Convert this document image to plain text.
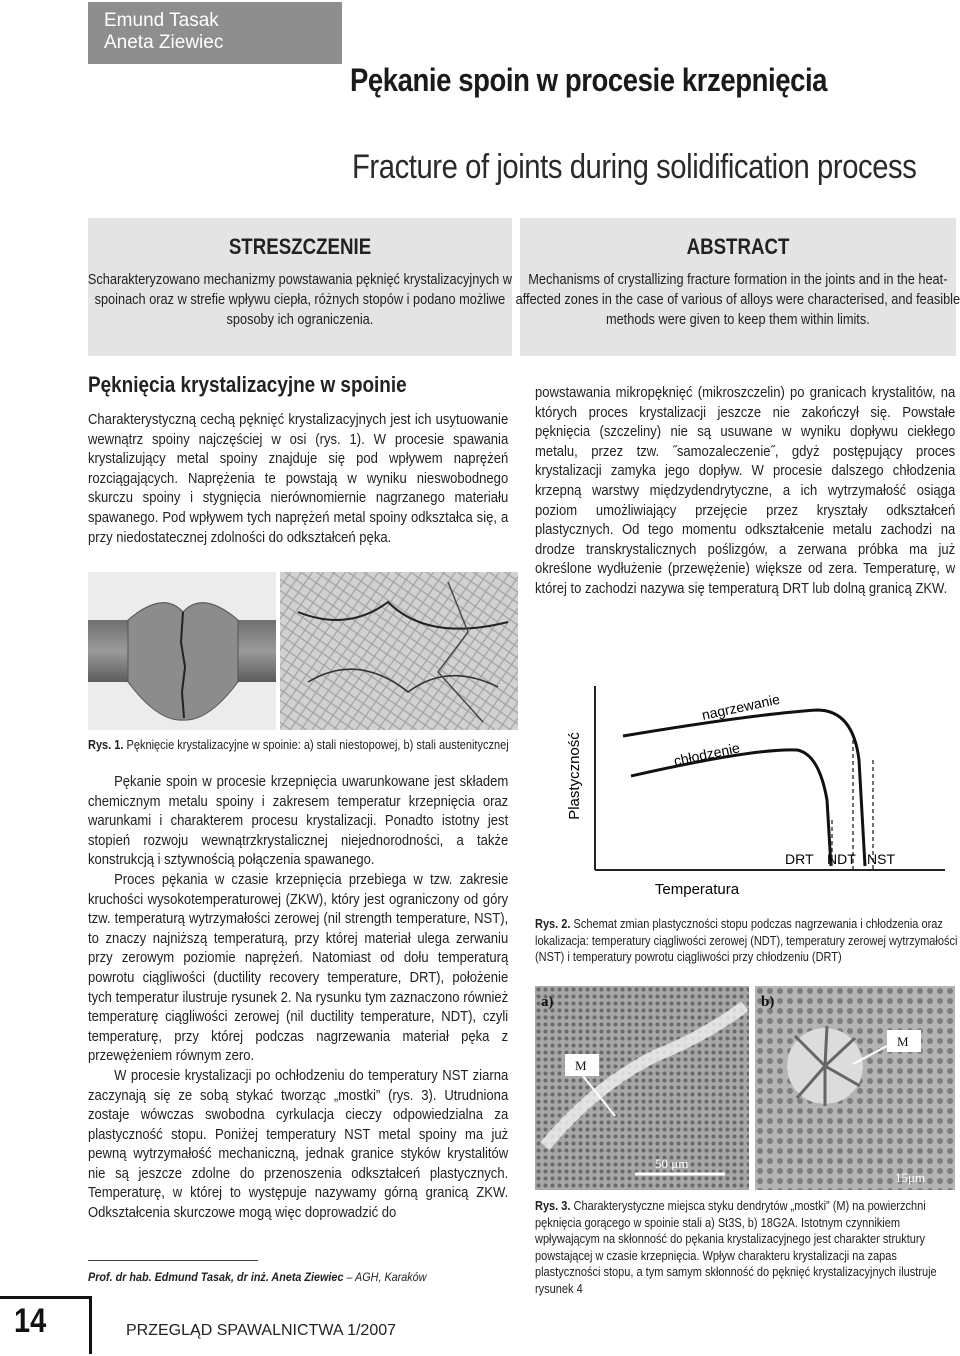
Emund Tasak
Aneta Ziewiec
Pękanie spoin w procesie krzepnięcia
Fracture of joints during solidification process
STRESZCZENIE
Scharakteryzowano mechanizmy powstawania pęknięć krystalizacyjnych w spoinach oraz w strefie wpływu ciepła, różnych stopów i podano możliwe sposoby ich ograniczenia.
ABSTRACT
Mechanisms of crystallizing fracture formation in the joints and in the heat-affected zones in the case of various of alloys were characterised, and feasible methods were given to keep them within limits.
Pęknięcia krystalizacyjne w spoinie
Charakterystyczną cechą pęknięć krystalizacyjnych jest ich usytuowanie wewnątrz spoiny najczęściej w osi (rys. 1). W procesie spawania krystalizujący metal spoiny znajduje się pod wpływem naprężeń rozciągających. Naprężenia te powstają w wyniku nieswobodnego skurczu spoiny i stygnięcia nierównomiernie nagrzanego materiału spawanego. Pod wpływem tych naprężeń metal spoiny odkształca się, a przy niedostatecznej zdolności do odkształceń pęka.
powstawania mikropęknięć (mikroszczelin) po granicach krystalitów, na których proces krystalizacji jeszcze nie zakończył się. Powstałe pęknięcia (szczeliny) nie są usuwane w wyniku dopływu ciekłego metalu, przez tzw. ˝samozaleczenie˝, gdyż postępujący proces krystalizacji zamyka jego dopływ. W procesie dalszego chłodzenia krzepną warstwy międzydendrytyczne, a ich wytrzymałość osiąga poziom umożliwiający przejęcie przez kryształy odkształceń plastycznych. Od tego momentu odkształcenie metalu zachodzi na drodze transkrystalicznych poślizgów, a zerwana próbka ma już określone wydłużenie (przewężenie) większe od zera. Temperaturę, w której to zachodzi nazywa się temperaturą DRT lub dolną granicą ZKW.
Rys. 1. Pęknięcie krystalizacyjne w spoinie: a) stali niestopowej, b) stali austenitycznej
Pękanie spoin w procesie krzepnięcia uwarunkowane jest składem chemicznym metalu spoiny i zakresem temperatur krzepnięcia oraz warunkami i charakterem procesu krystalizacji. Ponadto istotny jest stopień rozwoju wewnątrzkrystalicznej niejednorodności, a także konstrukcją i sztywnością połączenia spawanego.
Proces pękania w czasie krzepnięcia przebiega w tzw. zakresie kruchości wysokotemperaturowej (ZKW), który jest ograniczony od góry tzw. temperaturą wytrzymałości zerowej (nil strength temperature, NST), to znaczy najniższą temperaturą, przy której materiał ulega zerwaniu przy zerowym poziomie naprężeń. Natomiast od dołu temperaturą powrotu ciągliwości (ductility recovery temperature, DRT), położenie tych temperatur ilustruje rysunek 2. Na rysunku tym zaznaczono również temperaturę ciągliwości zerowej (nil ductility temperature, NDT), czyli temperaturę, przy której podczas nagrzewania materiał pęka z przewężeniem równym zero.
W procesie krystalizacji po ochłodzeniu do temperatury NST ziarna zaczynają się ze sobą stykać tworząc „mostki” (rys. 3). Utrudniona zostaje wówczas swobodna cyrkulacja cieczy odpowiedzialna za plastyczność stopu. Poniżej temperatury NST metal spoiny ma już pewną wytrzymałość mechaniczną, jednak granice styków krystalitów nie są jeszcze zdolne do przenoszenia odkształceń plastycznych. Temperaturę, w której to występuje nazywamy górną granicą ZKW. Odkształcenia skurczowe mogą więc doprowadzić do
Plastyczność
Temperatura
nagrzewanie
chłodzenie
DRT NDT NST
Rys. 2. Schemat zmian plastyczności stopu podczas nagrzewania i chłodzenia oraz lokalizacja: temperatury ciągliwości zerowej (NDT), temperatury zerowej wytrzymałości (NST) i temperatury powrotu ciągliwości przy chłodzeniu (DRT)
a)
M
50 μm
b)
M
15μm
Rys. 3. Charakterystyczne miejsca styku dendrytów „mostki” (M) na powierzchni pęknięcia gorącego w spoinie stali a) St3S, b) 18G2A. Istotnym czynnikiem wpływającym na skłonność do pękania krystalizacyjnego jest charakter struktury powstającej w czasie krzepnięcia. Wpływ charakteru krystalizacji na zapas plastyczności stopu, a tym samym skłonność do pęknięć krystalizacyjnych ilustruje rysunek 4
Prof. dr hab. Edmund Tasak, dr inż. Aneta Ziewiec – AGH, Karaków
14	PRZEGLĄD SPAWALNICTWA 1/2007
